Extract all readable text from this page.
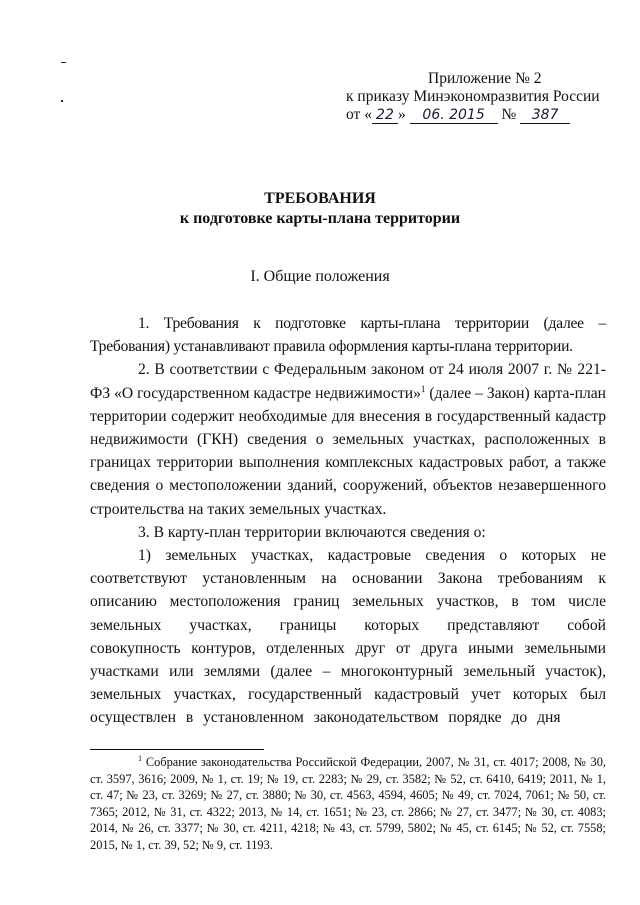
Приложение № 2
к приказу Минэкономразвития России
от « 22 » 06. 2015 № 387
ТРЕБОВАНИЯ
к подготовке карты-плана территории
I. Общие положения

1. Требования к подготовке карты-плана территории (далее – Требования) устанавливают правила оформления карты-плана территории.

2. В соответствии с Федеральным законом от 24 июля 2007 г. № 221-ФЗ «О государственном кадастре недвижимости»$^1$ (далее – Закон) карта-план территории содержит необходимые для внесения в государственный кадастр недвижимости (ГКН) сведения о земельных участках, расположенных в границах территории выполнения комплексных кадастровых работ, а также сведения о местоположении зданий, сооружений, объектов незавершенного строительства на таких земельных участках.

3. В карту-план территории включаются сведения о:

1) земельных участках, кадастровые сведения о которых не соответствуют установленным на основании Закона требованиям к описанию местоположения границ земельных участков, в том числе земельных участках, границы которых представляют собой совокупность контуров, отделенных друг от друга иными земельными участками или землями (далее – многоконтурный земельный участок), земельных участках, государственный кадастровый учет которых был осуществлен в установленном законодательством порядке до дня

$^1$ Собрание законодательства Российской Федерации, 2007, № 31, ст. 4017; 2008, № 30, ст. 3597, 3616; 2009, № 1, ст. 19; № 19, ст. 2283; № 29, ст. 3582; № 52, ст. 6410, 6419; 2011, № 1, ст. 47; № 23, ст. 3269; № 27, ст. 3880; № 30, ст. 4563, 4594, 4605; № 49, ст. 7024, 7061; № 50, ст. 7365; 2012, № 31, ст. 4322; 2013, № 14, ст. 1651; № 23, ст. 2866; № 27, ст. 3477; № 30, ст. 4083; 2014, № 26, ст. 3377; № 30, ст. 4211, 4218; № 43, ст. 5799, 5802; № 45, ст. 6145; № 52, ст. 7558; 2015, № 1, ст. 39, 52; № 9, ст. 1193.
